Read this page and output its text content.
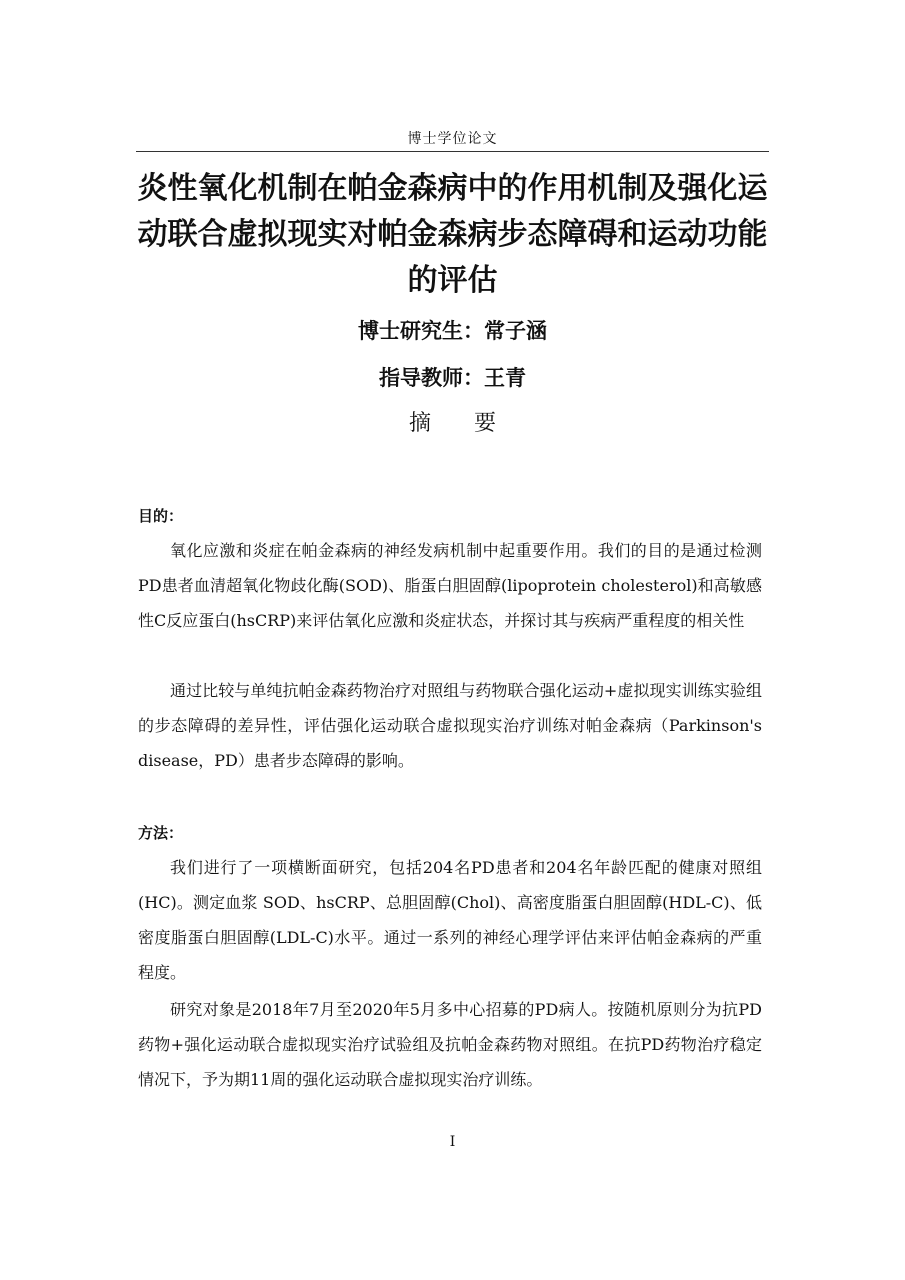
博士学位论文
炎性氧化机制在帕金森病中的作用机制及强化运动联合虚拟现实对帕金森病步态障碍和运动功能的评估
博士研究生：常子涵
指导教师：王青
摘 要
目的：

氧化应激和炎症在帕金森病的神经发病机制中起重要作用。我们的目的是通过检测PD患者血清超氧化物歧化酶(SOD)、脂蛋白胆固醇(lipoprotein cholesterol)和高敏感性C反应蛋白(hsCRP)来评估氧化应激和炎症状态，并探讨其与疾病严重程度的相关性

通过比较与单纯抗帕金森药物治疗对照组与药物联合强化运动+虚拟现实训练实验组的步态障碍的差异性，评估强化运动联合虚拟现实治疗训练对帕金森病（Parkinson's disease，PD）患者步态障碍的影响。

方法：

我们进行了一项横断面研究，包括204名PD患者和204名年龄匹配的健康对照组(HC)。测定血浆 SOD、hsCRP、总胆固醇(Chol)、高密度脂蛋白胆固醇(HDL-C)、低密度脂蛋白胆固醇(LDL-C)水平。通过一系列的神经心理学评估来评估帕金森病的严重程度。

研究对象是2018年7月至2020年5月多中心招募的PD病人。按随机原则分为抗PD药物+强化运动联合虚拟现实治疗试验组及抗帕金森药物对照组。在抗PD药物治疗稳定情况下，予为期11周的强化运动联合虚拟现实治疗训练。

I
